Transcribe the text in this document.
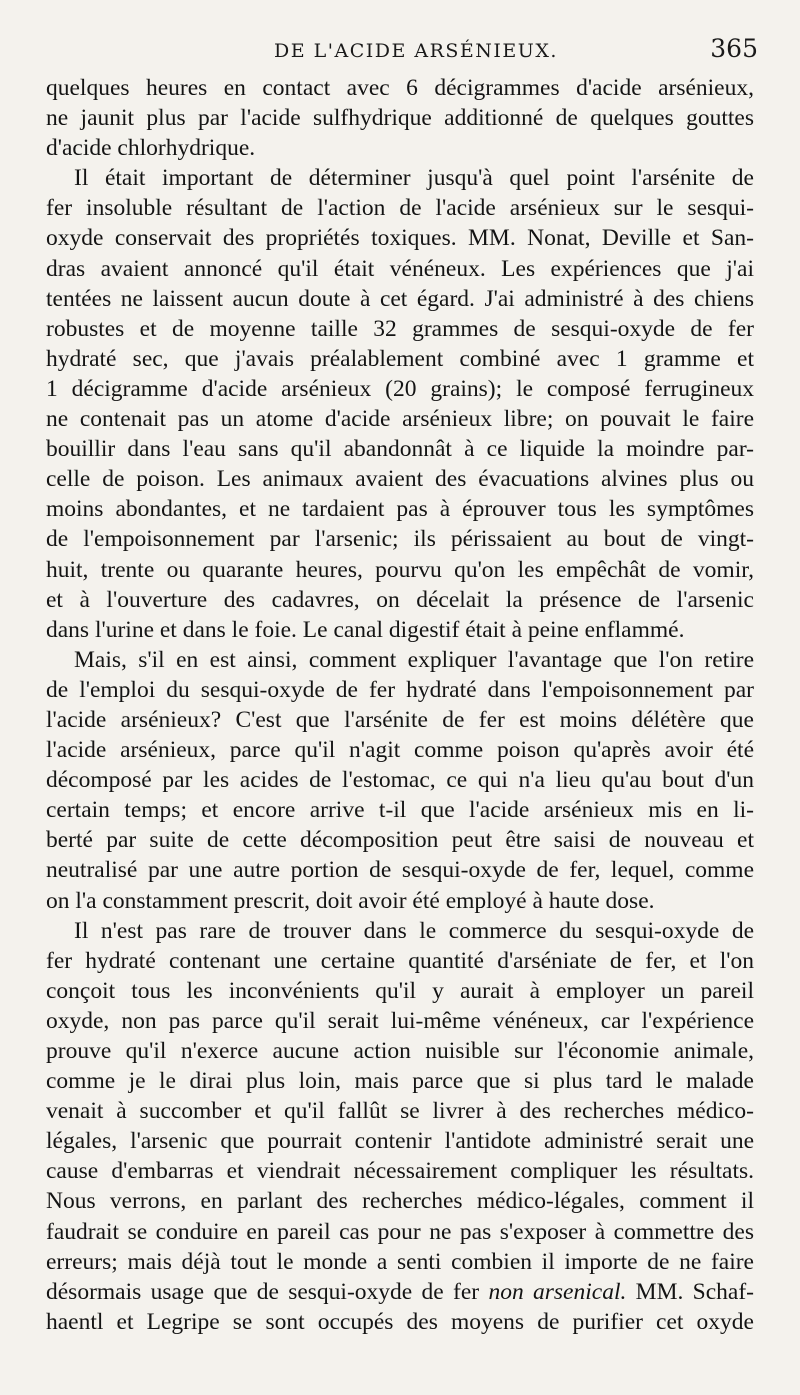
DE L'ACIDE ARSÉNIEUX.	365
quelques heures en contact avec 6 décigrammes d'acide arsénieux,
ne jaunit plus par l'acide sulfhydrique additionné de quelques gouttes
d'acide chlorhydrique.
Il était important de déterminer jusqu'à quel point l'arsénite de
fer insoluble résultant de l'action de l'acide arsénieux sur le sesqui-
oxyde conservait des propriétés toxiques. MM. Nonat, Deville et San-
dras avaient annoncé qu'il était vénéneux. Les expériences que j'ai
tentées ne laissent aucun doute à cet égard. J'ai administré à des chiens
robustes et de moyenne taille 32 grammes de sesqui-oxyde de fer
hydraté sec, que j'avais préalablement combiné avec 1 gramme et
1 décigramme d'acide arsénieux (20 grains); le composé ferrugineux
ne contenait pas un atome d'acide arsénieux libre; on pouvait le faire
bouillir dans l'eau sans qu'il abandonnât à ce liquide la moindre par-
celle de poison. Les animaux avaient des évacuations alvines plus ou
moins abondantes, et ne tardaient pas à éprouver tous les symptômes
de l'empoisonnement par l'arsenic; ils périssaient au bout de vingt-
huit, trente ou quarante heures, pourvu qu'on les empêchât de vomir,
et à l'ouverture des cadavres, on décelait la présence de l'arsenic
dans l'urine et dans le foie. Le canal digestif était à peine enflammé.
Mais, s'il en est ainsi, comment expliquer l'avantage que l'on retire
de l'emploi du sesqui-oxyde de fer hydraté dans l'empoisonnement par
l'acide arsénieux? C'est que l'arsénite de fer est moins délétère que
l'acide arsénieux, parce qu'il n'agit comme poison qu'après avoir été
décomposé par les acides de l'estomac, ce qui n'a lieu qu'au bout d'un
certain temps; et encore arrive t-il que l'acide arsénieux mis en li-
berté par suite de cette décomposition peut être saisi de nouveau et
neutralisé par une autre portion de sesqui-oxyde de fer, lequel, comme
on l'a constamment prescrit, doit avoir été employé à haute dose.
Il n'est pas rare de trouver dans le commerce du sesqui-oxyde de
fer hydraté contenant une certaine quantité d'arséniate de fer, et l'on
conçoit tous les inconvénients qu'il y aurait à employer un pareil
oxyde, non pas parce qu'il serait lui-même vénéneux, car l'expérience
prouve qu'il n'exerce aucune action nuisible sur l'économie animale,
comme je le dirai plus loin, mais parce que si plus tard le malade
venait à succomber et qu'il fallût se livrer à des recherches médico-
légales, l'arsenic que pourrait contenir l'antidote administré serait une
cause d'embarras et viendrait nécessairement compliquer les résultats.
Nous verrons, en parlant des recherches médico-légales, comment il
faudrait se conduire en pareil cas pour ne pas s'exposer à commettre des
erreurs; mais déjà tout le monde a senti combien il importe de ne faire
désormais usage que de sesqui-oxyde de fer non arsenical. MM. Schaf-
haentl et Legripe se sont occupés des moyens de purifier cet oxyde
